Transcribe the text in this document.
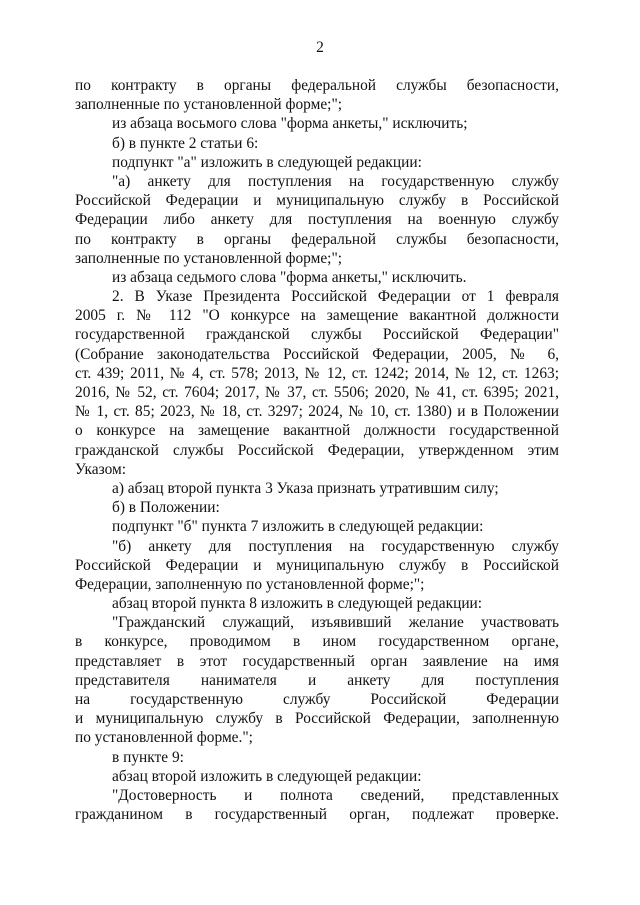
2
по контракту в органы федеральной службы безопасности,
заполненные по установленной форме;";
из абзаца восьмого слова "форма анкеты," исключить;
б) в пункте 2 статьи 6:
подпункт "а" изложить в следующей редакции:
"а) анкету для поступления на государственную службу
Российской Федерации и муниципальную службу в Российской
Федерации либо анкету для поступления на военную службу
по контракту в органы федеральной службы безопасности,
заполненные по установленной форме;";
из абзаца седьмого слова "форма анкеты," исключить.
2. В Указе Президента Российской Федерации от 1 февраля
2005 г. № 112 "О конкурсе на замещение вакантной должности
государственной гражданской службы Российской Федерации"
(Собрание законодательства Российской Федерации, 2005, № 6,
ст. 439; 2011, № 4, ст. 578; 2013, № 12, ст. 1242; 2014, № 12, ст. 1263;
2016, № 52, ст. 7604; 2017, № 37, ст. 5506; 2020, № 41, ст. 6395; 2021,
№ 1, ст. 85; 2023, № 18, ст. 3297; 2024, № 10, ст. 1380) и в Положении
о конкурсе на замещение вакантной должности государственной
гражданской службы Российской Федерации, утвержденном этим
Указом:
а) абзац второй пункта 3 Указа признать утратившим силу;
б) в Положении:
подпункт "б" пункта 7 изложить в следующей редакции:
"б) анкету для поступления на государственную службу
Российской Федерации и муниципальную службу в Российской
Федерации, заполненную по установленной форме;";
абзац второй пункта 8 изложить в следующей редакции:
"Гражданский служащий, изъявивший желание участвовать
в конкурсе, проводимом в ином государственном органе,
представляет в этот государственный орган заявление на имя
представителя нанимателя и анкету для поступления
на государственную службу Российской Федерации
и муниципальную службу в Российской Федерации, заполненную
по установленной форме.";
в пункте 9:
абзац второй изложить в следующей редакции:
"Достоверность и полнота сведений, представленных
гражданином в государственный орган, подлежат проверке.
